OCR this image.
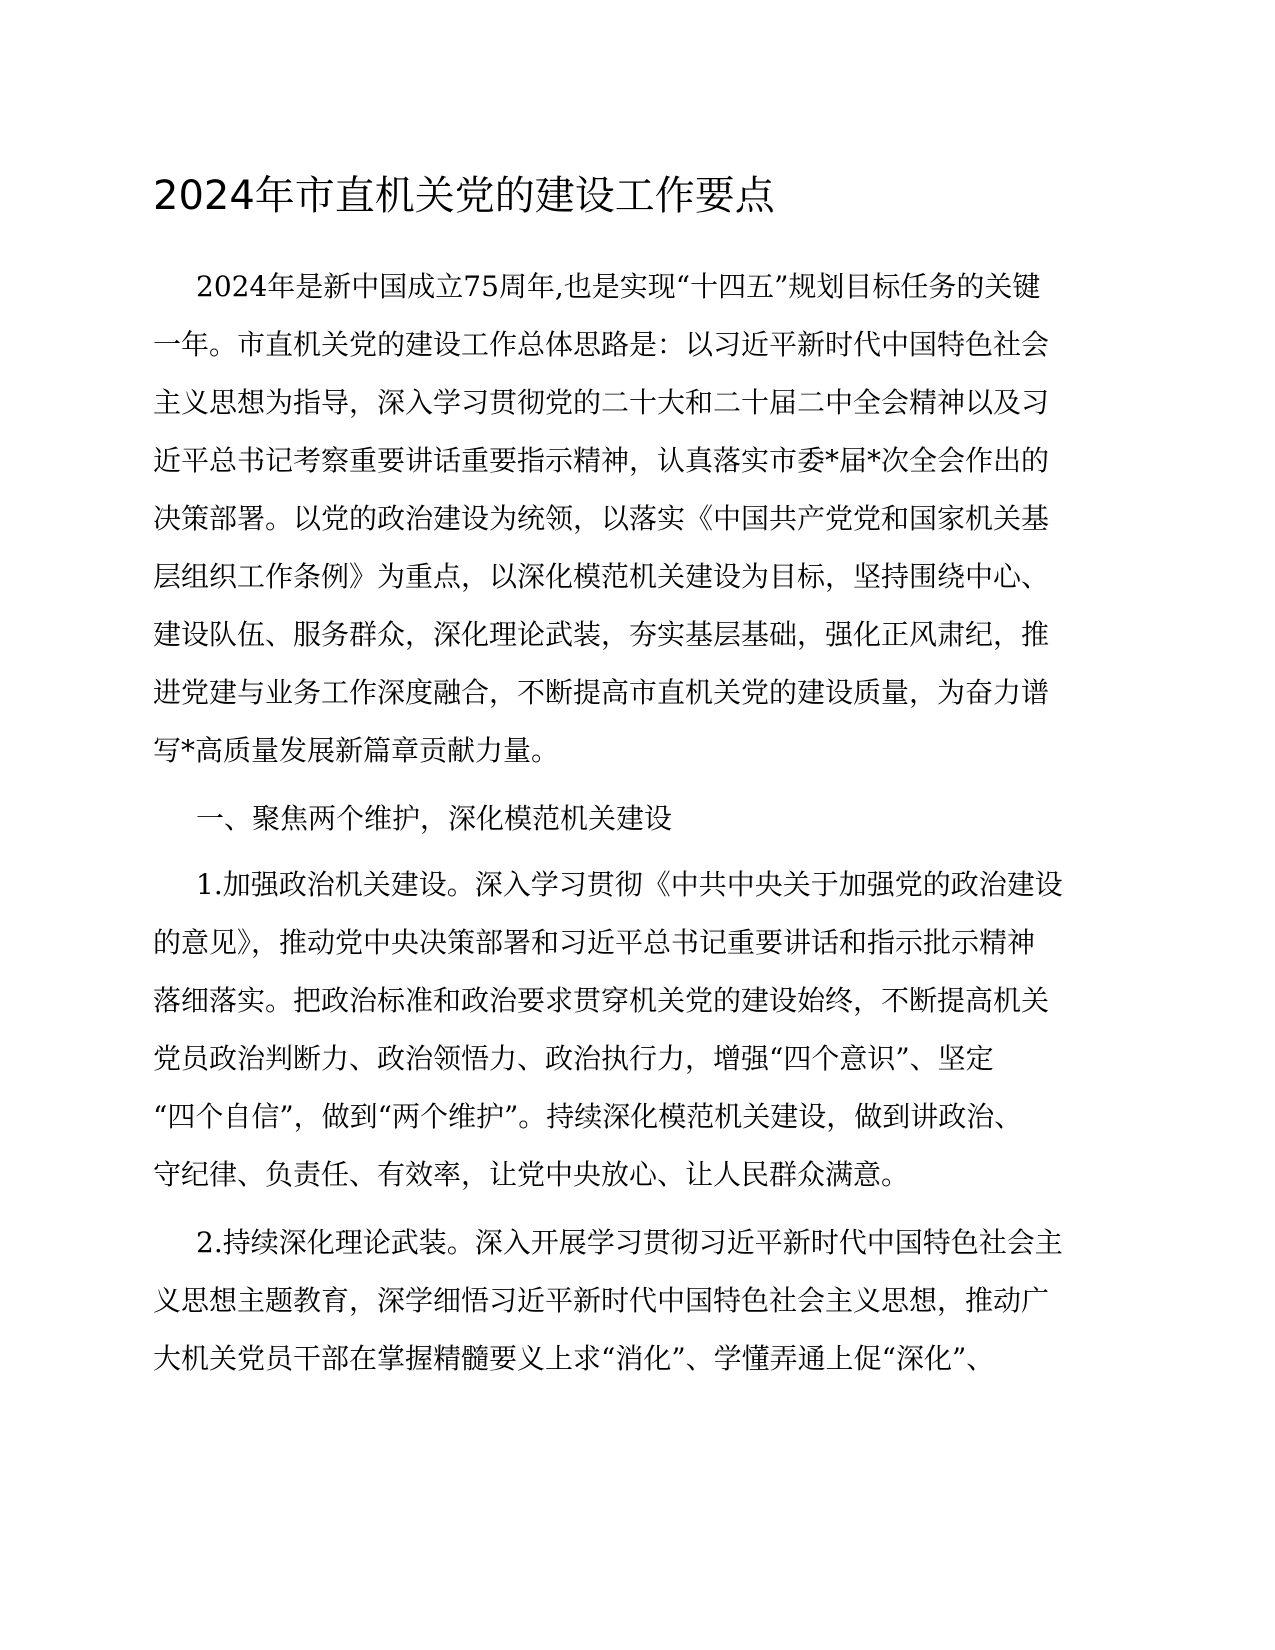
2024年市直机关党的建设工作要点
2024年是新中国成立75周年,也是实现“十四五”规划目标任务的关键
一年。市直机关党的建设工作总体思路是：以习近平新时代中国特色社会
主义思想为指导，深入学习贯彻党的二十大和二十届二中全会精神以及习
近平总书记考察重要讲话重要指示精神，认真落实市委*届*次全会作出的
决策部署。以党的政治建设为统领，以落实《中国共产党党和国家机关基
层组织工作条例》为重点，以深化模范机关建设为目标，坚持围绕中心、
建设队伍、服务群众，深化理论武装，夯实基层基础，强化正风肃纪，推
进党建与业务工作深度融合，不断提高市直机关党的建设质量，为奋力谱
写*高质量发展新篇章贡献力量。
一、聚焦两个维护，深化模范机关建设
1.加强政治机关建设。深入学习贯彻《中共中央关于加强党的政治建设
的意见》，推动党中央决策部署和习近平总书记重要讲话和指示批示精神
落细落实。把政治标准和政治要求贯穿机关党的建设始终，不断提高机关
党员政治判断力、政治领悟力、政治执行力，增强“四个意识”、坚定
“四个自信”，做到“两个维护”。持续深化模范机关建设，做到讲政治、
守纪律、负责任、有效率，让党中央放心、让人民群众满意。
2.持续深化理论武装。深入开展学习贯彻习近平新时代中国特色社会主
义思想主题教育，深学细悟习近平新时代中国特色社会主义思想，推动广
大机关党员干部在掌握精髓要义上求“消化”、学懂弄通上促“深化”、
